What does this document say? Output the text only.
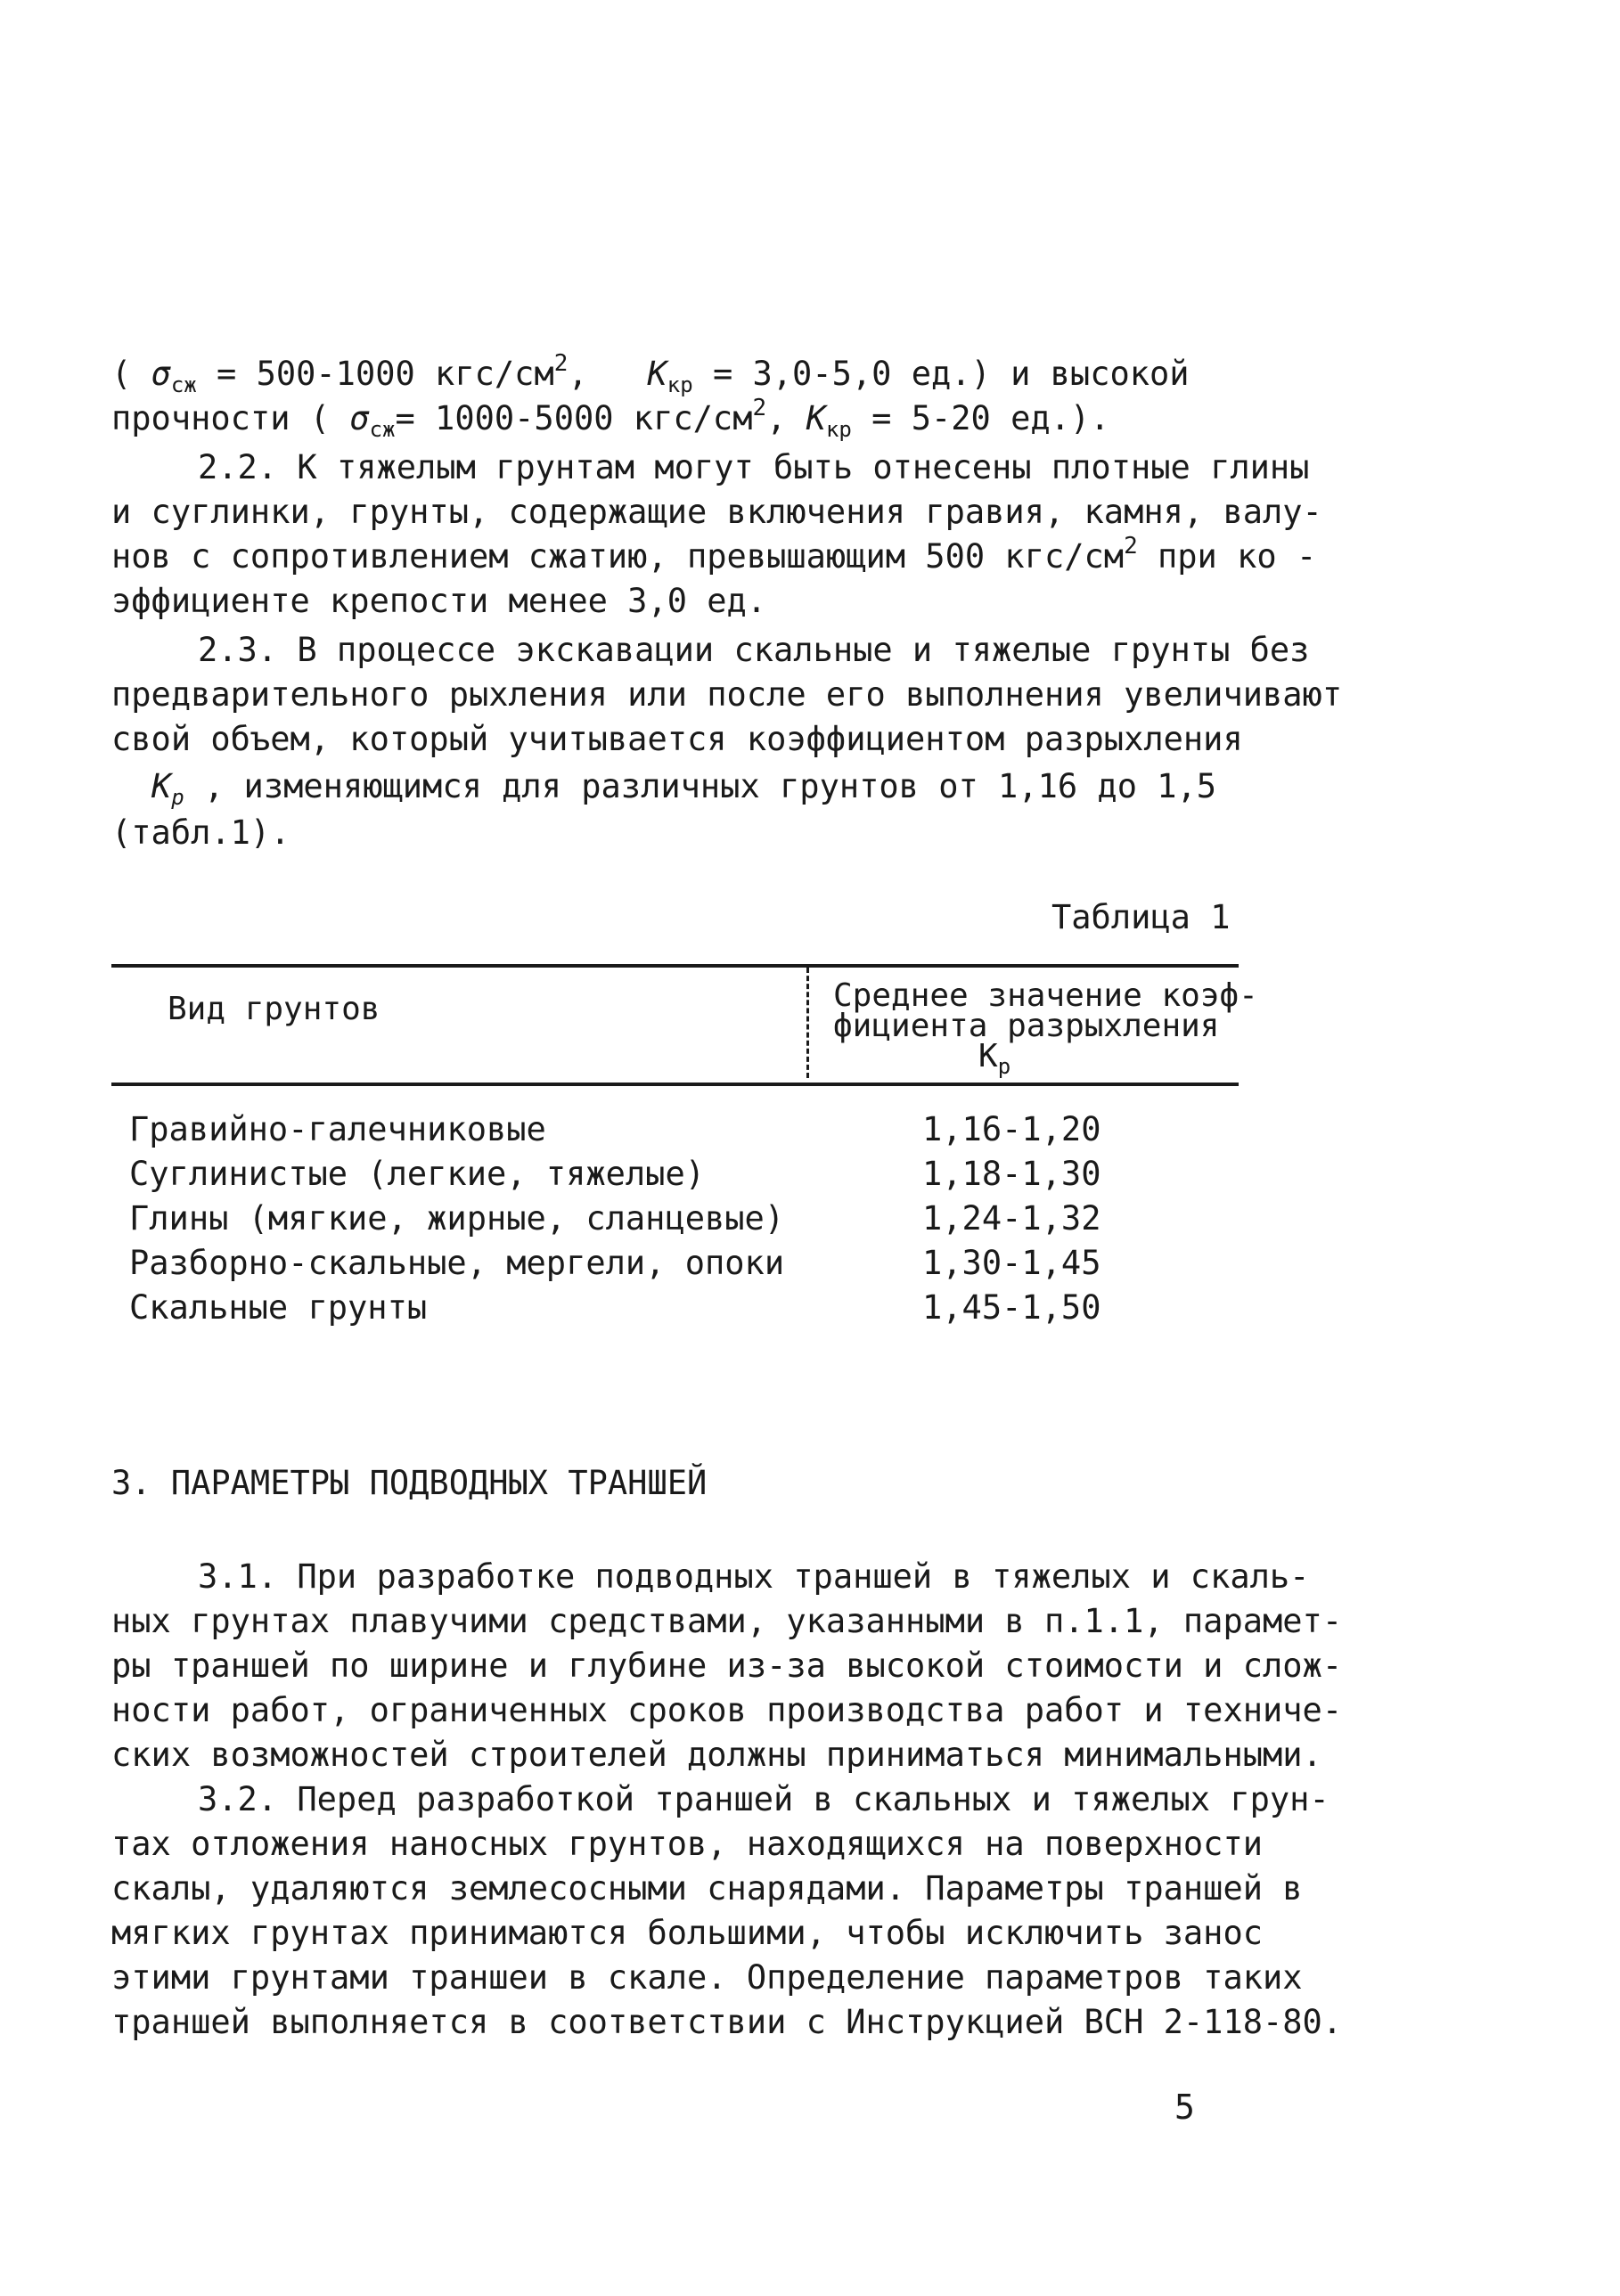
( $\sigma_{сж} = 500-1000$ кгс/$см^2$,   $К_{кр} = 3,0-5,0$ ед.) и высокой
прочности ( $\sigma_{сж}= 1000-5000$ кгс/$см^2$, $К_{кр} = 5-20$ ед.).
2.2. К тяжелым грунтам могут быть отнесены плотные глины
и суглинки, грунты, содержащие включения гравия, камня, валу-
нов с сопротивлением сжатию, превышающим 500 кгс/$см^2$ при ко -
эффициенте крепости менее 3,0 ед.
2.3. В процессе экскавации скальные и тяжелые грунты без
предварительного рыхления или после его выполнения увеличивают
свой объем, который учитывается коэффициентом разрыхления
$К_р$ , изменяющимся для различных грунтов от 1,16 до 1,5
(табл.1).
Таблица 1
Вид грунтов	Среднее значение коэф-
фициента разрыхления
$К_р$
Гравийно-галечниковые	1,16-1,20
Суглинистые (легкие, тяжелые)	1,18-1,30
Глины (мягкие, жирные, сланцевые)	1,24-1,32
Разборно-скальные, мергели, опоки	1,30-1,45
Скальные грунты	1,45-1,50
3. ПАРАМЕТРЫ ПОДВОДНЫХ ТРАНШЕЙ
3.1. При разработке подводных траншей в тяжелых и скаль-
ных грунтах плавучими средствами, указанными в п.1.1, парамет-
ры траншей по ширине и глубине из-за высокой стоимости и слож-
ности работ, ограниченных сроков производства работ и техниче-
ских возможностей строителей должны приниматься минимальными.
3.2. Перед разработкой траншей в скальных и тяжелых грун-
тах отложения наносных грунтов, находящихся на поверхности
скалы, удаляются землесосными снарядами. Параметры траншей в
мягких грунтах принимаются большими, чтобы исключить занос
этими грунтами траншеи в скале. Определение параметров таких
траншей выполняется в соответствии с Инструкцией ВСН 2-118-80.
5
